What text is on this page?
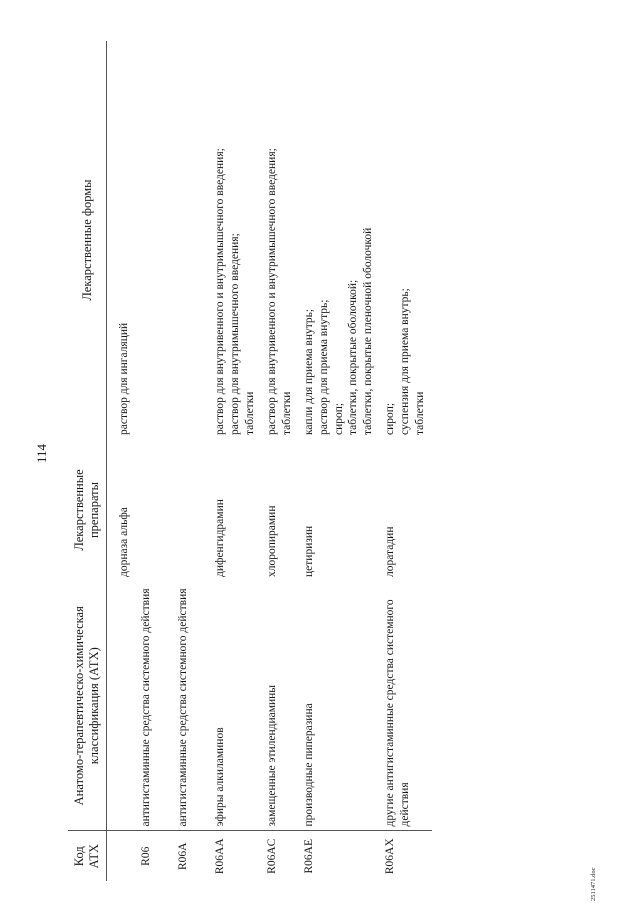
114
Код АТХ	Анатомо-терапевтическо-химическая классификация (АТХ)	Лекарственные препараты	Лекарственные формы
		дорназа альфа	раствор для ингаляций

R06	антигистаминные средства системного действия		
R06A	антигистаминные средства системного действия		
R06AA	эфиры алкиламинов	дифенгидрамин	раствор для внутривенного и внутримышечного введения; раствор для внутримышечного введения; таблетки

R06AC	замещенные этилендиамины	хлоропирамин	раствор для внутривенного и внутримышечного введения; таблетки

R06AE	производные пиперазина	цетиризин	капли для приема внутрь; раствор для приема внутрь; сироп; таблетки, покрытые оболочкой; таблетки, покрытые пленочной оболочкой

R06AX	другие антигистаминные средства системного действия	лоратадин	сироп; суспензия для приема внутрь; таблетки
2511471.doc
